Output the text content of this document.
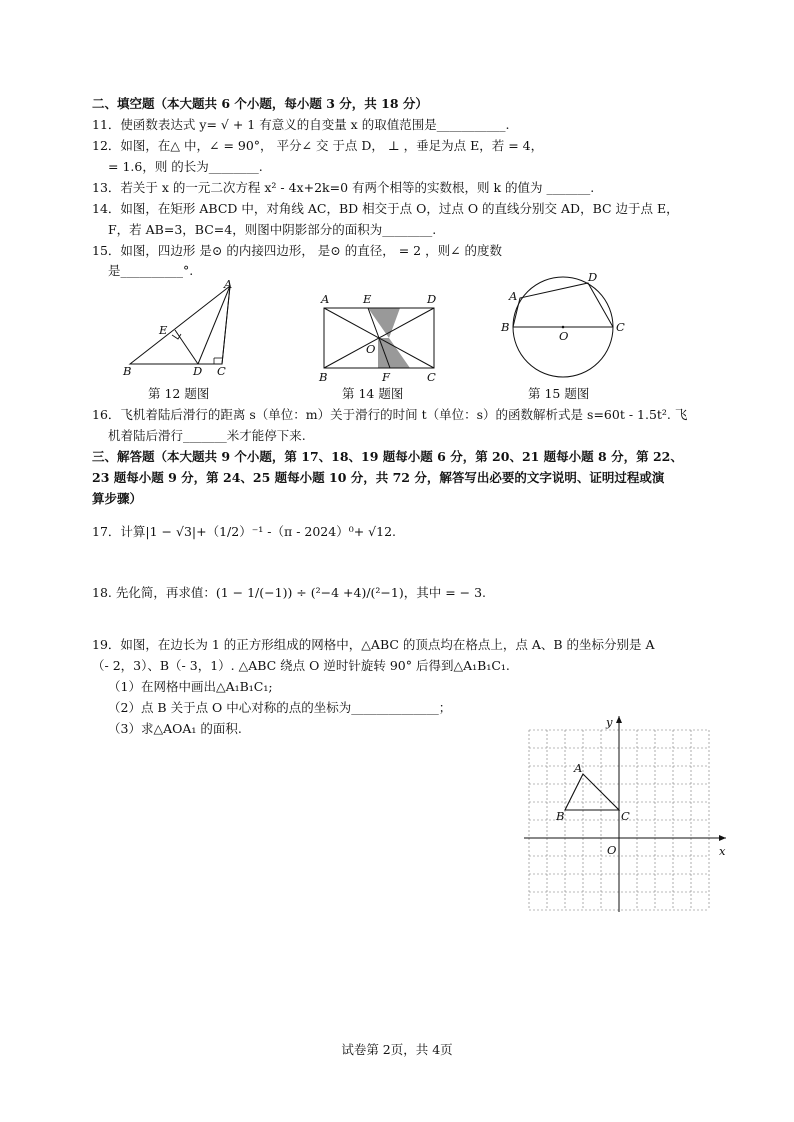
二、填空题（本大题共 6 个小题，每小题 3 分，共 18 分）
11．使函数表达式 y= √ + 1 有意义的自变量 x 的取值范围是___________.
12．如图，在△ 中，∠ = 90°， 平分∠ 交 于点 D， ⊥ ，垂足为点 E，若 = 4，
= 1.6，则 的长为________.
13．若关于 x 的一元二次方程 x² - 4x+2k=0 有两个相等的实数根，则 k 的值为 _______.
14．如图，在矩形 ABCD 中，对角线 AC，BD 相交于点 O，过点 O 的直线分别交 AD，BC 边于点 E，
F，若 AB=3，BC=4，则图中阴影部分的面积为________.
15．如图，四边形 是⊙ 的内接四边形， 是⊙ 的直径， = 2 ，则∠ 的度数
是__________°.
A
E
B	D C
第 12 题图
A	E	D
O
B	F	C
第 14 题图
D
A
B
O
C
第 15 题图
16．飞机着陆后滑行的距离 s（单位：m）关于滑行的时间 t（单位：s）的函数解析式是 s=60t - 1.5t². 飞
机着陆后滑行_______米才能停下来.
三、解答题（本大题共 9 个小题，第 17、18、19 题每小题 6 分，第 20、21 题每小题 8 分，第 22、
23 题每小题 9 分，第 24、25 题每小题 10 分，共 72 分，解答写出必要的文字说明、证明过程或演
算步骤）
17．计算|1 − √3|+（1/2）⁻¹ -（π - 2024）⁰+ √12.
18. 先化简，再求值：(1 − 1/(−1)) ÷ (²−4 +4)/(²−1)，其中 = − 3.
19．如图，在边长为 1 的正方形组成的网格中，△ABC 的顶点均在格点上，点 A、B 的坐标分别是 A
（- 2，3）、B（- 3，1）. △ABC 绕点 O 逆时针旋转 90° 后得到△A₁B₁C₁.
（1）在网格中画出△A₁B₁C₁;
（2）点 B 关于点 O 中心对称的点的坐标为______________；
（3）求△AOA₁ 的面积.	y
A
B	C
O	x
试卷第 2页，共 4页
